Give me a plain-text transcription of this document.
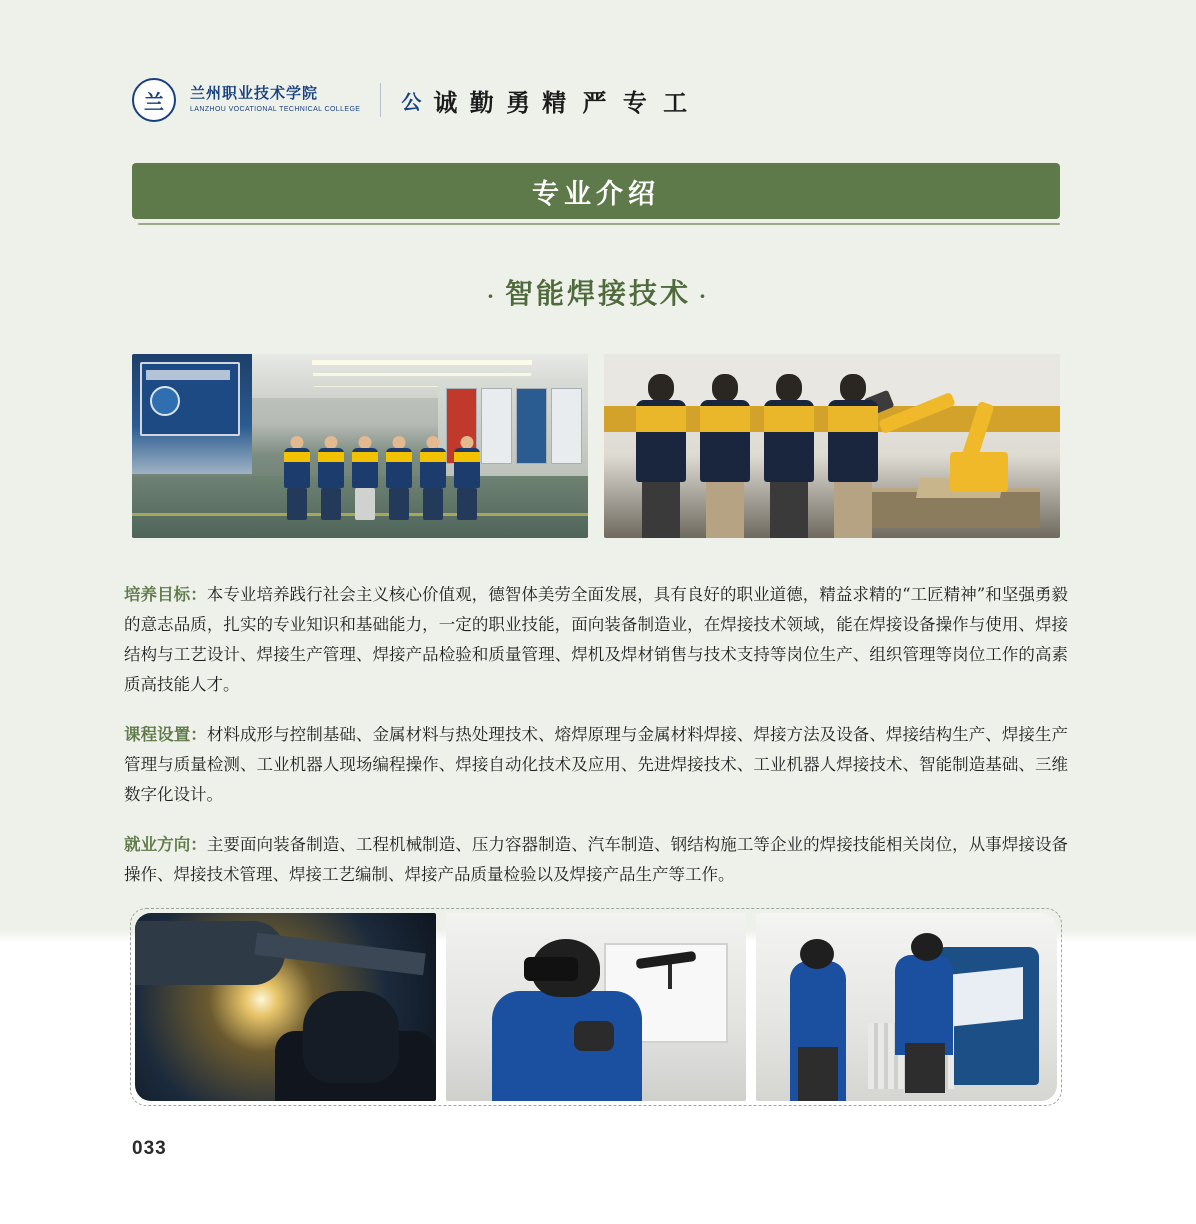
兰	兰州职业技术学院
LANZHOU VOCATIONAL TECHNICAL COLLEGE 公 诚 勤 勇 精 严 专 工
专业介绍
· 智能焊接技术 ·

培养目标：本专业培养践行社会主义核心价值观，德智体美劳全面发展，具有良好的职业道德，精益求精的“工匠精神”和坚强勇毅的意志品质，扎实的专业知识和基础能力，一定的职业技能，面向装备制造业，在焊接技术领域，能在焊接设备操作与使用、焊接结构与工艺设计、焊接生产管理、焊接产品检验和质量管理、焊机及焊材销售与技术支持等岗位生产、组织管理等岗位工作的高素质高技能人才。

课程设置：材料成形与控制基础、金属材料与热处理技术、熔焊原理与金属材料焊接、焊接方法及设备、焊接结构生产、焊接生产管理与质量检测、工业机器人现场编程操作、焊接自动化技术及应用、先进焊接技术、工业机器人焊接技术、智能制造基础、三维数字化设计。

就业方向：主要面向装备制造、工程机械制造、压力容器制造、汽车制造、钢结构施工等企业的焊接技能相关岗位，从事焊接设备操作、焊接技术管理、焊接工艺编制、焊接产品质量检验以及焊接产品生产等工作。

033
